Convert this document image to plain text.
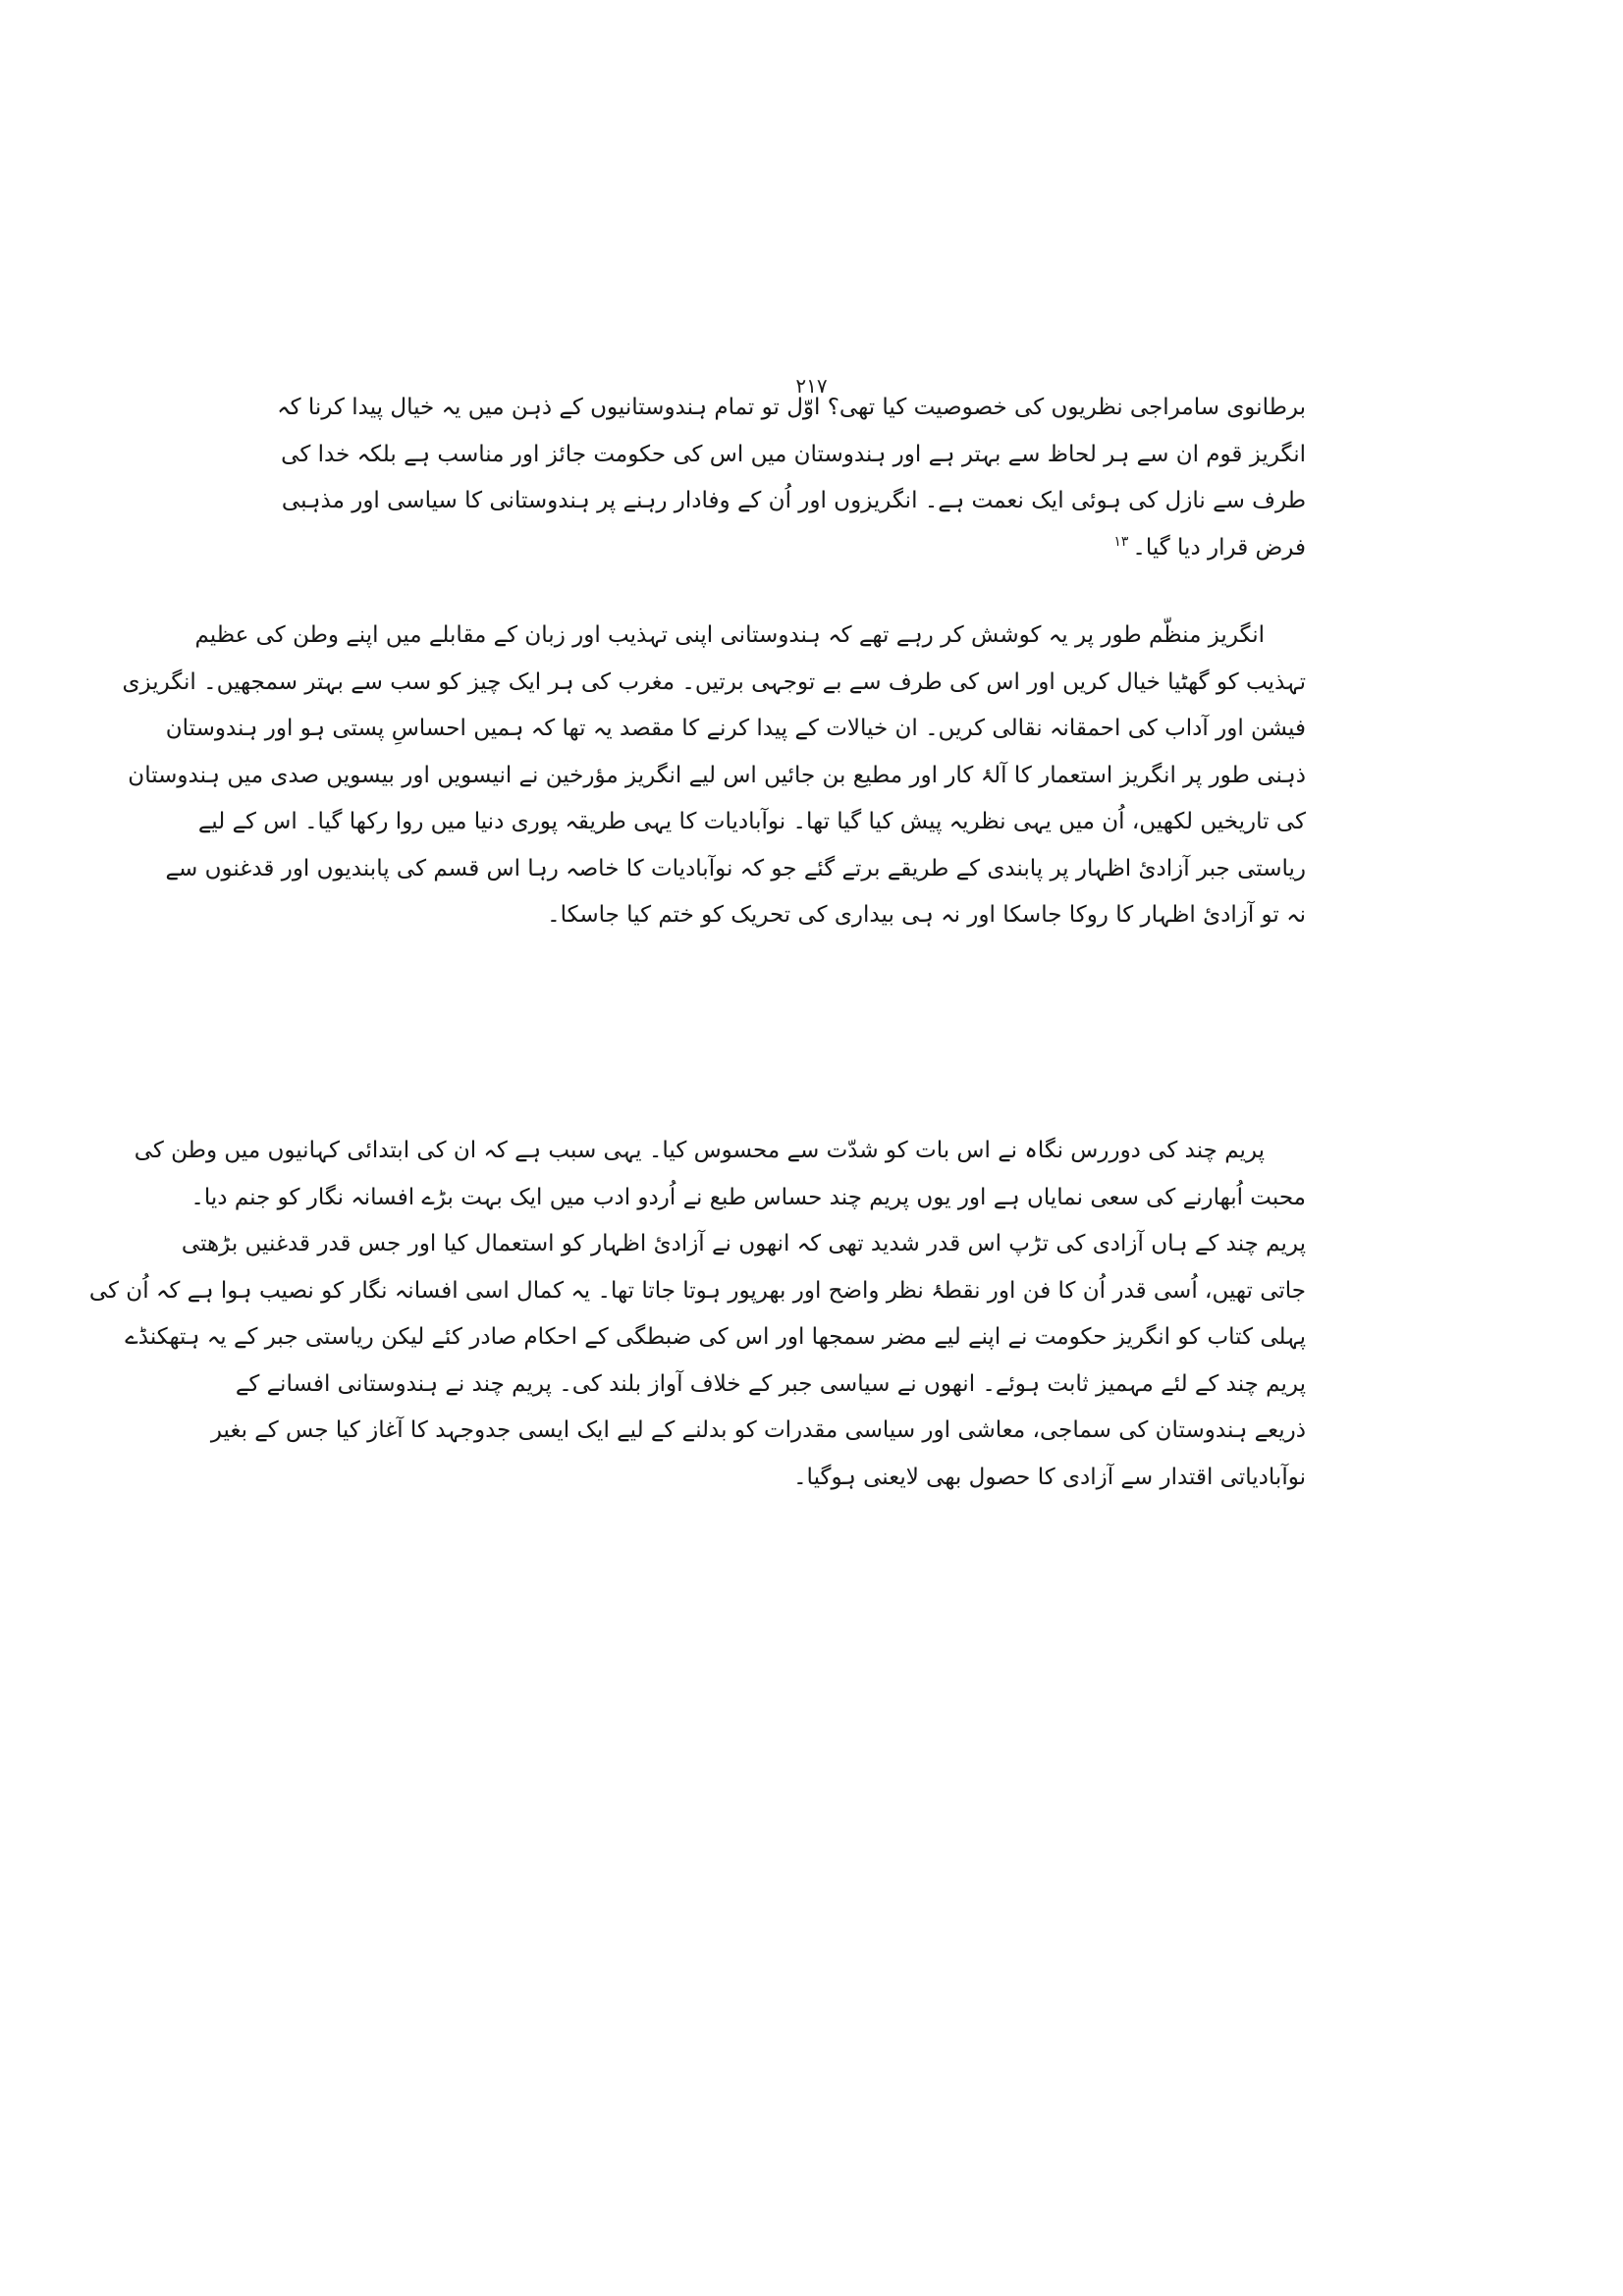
۲۱۷
برطانوی سامراجی نظریوں کی خصوصیت کیا تھی؟ اوّل تو تمام ہندوستانیوں کے ذہن میں یہ خیال پیدا کرنا کہ
انگریز قوم ان سے ہر لحاظ سے بہتر ہے اور ہندوستان میں اس کی حکومت جائز اور مناسب ہے بلکہ خدا کی
طرف سے نازل کی ہوئی ایک نعمت ہے۔ انگریزوں اور اُن کے وفادار رہنے پر ہندوستانی کا سیاسی اور مذہبی
فرض قرار دیا گیا۔$^{۱۳}$
انگریز منظّم طور پر یہ کوشش کر رہے تھے کہ ہندوستانی اپنی تہذیب اور زبان کے مقابلے میں اپنے وطن کی عظیم
تہذیب کو گھٹیا خیال کریں اور اس کی طرف سے بے توجہی برتیں۔ مغرب کی ہر ایک چیز کو سب سے بہتر سمجھیں۔ انگریزی
فیشن اور آداب کی احمقانہ نقالی کریں۔ ان خیالات کے پیدا کرنے کا مقصد یہ تھا کہ ہمیں احساسِ پستی ہو اور ہندوستان
ذہنی طور پر انگریز استعمار کا آلۂ کار اور مطیع بن جائیں اس لیے انگریز مؤرخین نے انیسویں اور بیسویں صدی میں ہندوستان
کی تاریخیں لکھیں، اُن میں یہی نظریہ پیش کیا گیا تھا۔ نوآبادیات کا یہی طریقہ پوری دنیا میں روا رکھا گیا۔ اس کے لیے
ریاستی جبر آزادیٔ اظہار پر پابندی کے طریقے برتے گئے جو کہ نوآبادیات کا خاصہ رہا اس قسم کی پابندیوں اور قدغنوں سے
نہ تو آزادیٔ اظہار کا روکا جاسکا اور نہ ہی بیداری کی تحریک کو ختم کیا جاسکا۔
پریم چند کی دوررس نگاہ نے اس بات کو شدّت سے محسوس کیا۔ یہی سبب ہے کہ ان کی ابتدائی کہانیوں میں وطن کی
محبت اُبھارنے کی سعی نمایاں ہے اور یوں پریم چند حساس طبع نے اُردو ادب میں ایک بہت بڑے افسانہ نگار کو جنم دیا۔
پریم چند کے ہاں آزادی کی تڑپ اس قدر شدید تھی کہ انھوں نے آزادیٔ اظہار کو استعمال کیا اور جس قدر قدغنیں بڑھتی
جاتی تھیں، اُسی قدر اُن کا فن اور نقطۂ نظر واضح اور بھرپور ہوتا جاتا تھا۔ یہ کمال اسی افسانہ نگار کو نصیب ہوا ہے کہ اُن کی
پہلی کتاب کو انگریز حکومت نے اپنے لیے مضر سمجھا اور اس کی ضبطگی کے احکام صادر کئے لیکن ریاستی جبر کے یہ ہتھکنڈے
پریم چند کے لئے مہمیز ثابت ہوئے۔ انھوں نے سیاسی جبر کے خلاف آواز بلند کی۔ پریم چند نے ہندوستانی افسانے کے
ذریعے ہندوستان کی سماجی، معاشی اور سیاسی مقدرات کو بدلنے کے لیے ایک ایسی جدوجہد کا آغاز کیا جس کے بغیر
نوآبادیاتی اقتدار سے آزادی کا حصول بھی لایعنی ہوگیا۔
